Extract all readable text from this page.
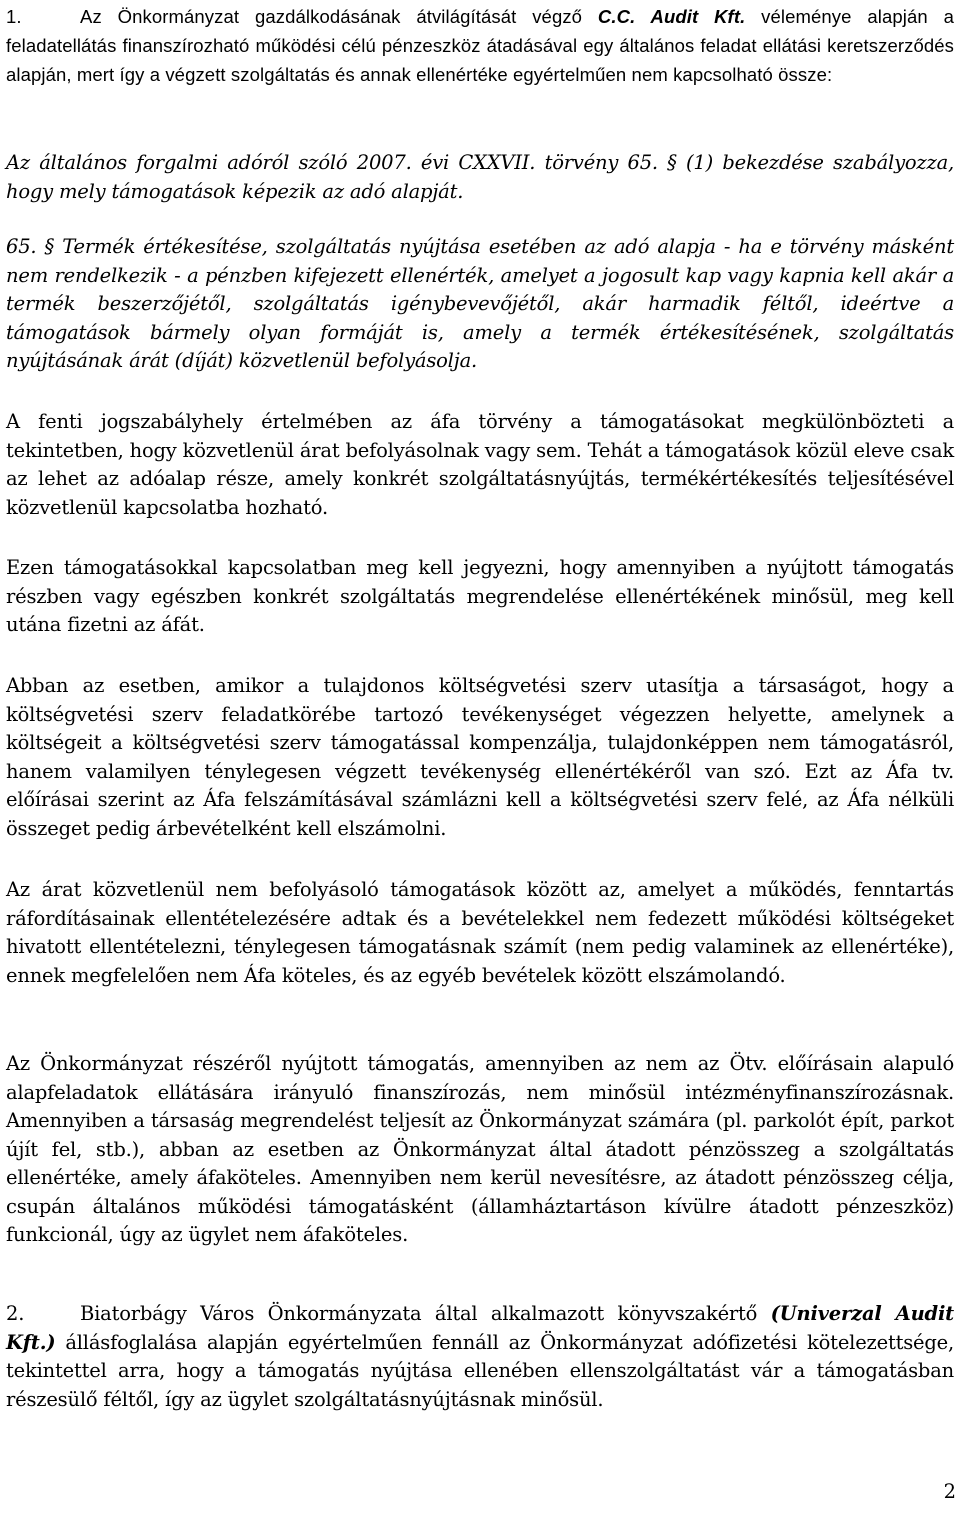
1.	Az Önkormányzat gazdálkodásának átvilágítását végző C.C. Audit Kft. véleménye alapján a feladatellátás finanszírozható működési célú pénzeszköz átadásával egy általános feladat ellátási keretszerződés alapján, mert így a végzett szolgáltatás és annak ellenértéke egyértelműen nem kapcsolható össze:

Az általános forgalmi adóról szóló 2007. évi CXXVII. törvény 65. § (1) bekezdése szabályozza, hogy mely támogatások képezik az adó alapját.

65. § Termék értékesítése, szolgáltatás nyújtása esetében az adó alapja - ha e törvény másként nem rendelkezik - a pénzben kifejezett ellenérték, amelyet a jogosult kap vagy kapnia kell akár a termék beszerzőjétől, szolgáltatás igénybevevőjétől, akár harmadik féltől, ideértve a támogatások bármely olyan formáját is, amely a termék értékesítésének, szolgáltatás nyújtásának árát (díját) közvetlenül befolyásolja.

A fenti jogszabályhely értelmében az áfa törvény a támogatásokat megkülönbözteti a tekintetben, hogy közvetlenül árat befolyásolnak vagy sem. Tehát a támogatások közül eleve csak az lehet az adóalap része, amely konkrét szolgáltatásnyújtás, termékértékesítés teljesítésével közvetlenül kapcsolatba hozható.

Ezen támogatásokkal kapcsolatban meg kell jegyezni, hogy amennyiben a nyújtott támogatás részben vagy egészben konkrét szolgáltatás megrendelése ellenértékének minősül, meg kell utána fizetni az áfát.

Abban az esetben, amikor a tulajdonos költségvetési szerv utasítja a társaságot, hogy a költségvetési szerv feladatkörébe tartozó tevékenységet végezzen helyette, amelynek a költségeit a költségvetési szerv támogatással kompenzálja, tulajdonképpen nem támogatásról, hanem valamilyen ténylegesen végzett tevékenység ellenértékéről van szó. Ezt az Áfa tv. előírásai szerint az Áfa felszámításával számlázni kell a költségvetési szerv felé, az Áfa nélküli összeget pedig árbevételként kell elszámolni.

Az árat közvetlenül nem befolyásoló támogatások között az, amelyet a működés, fenntartás ráfordításainak ellentételezésére adtak és a bevételekkel nem fedezett működési költségeket hivatott ellentételezni, ténylegesen támogatásnak számít (nem pedig valaminek az ellenértéke), ennek megfelelően nem Áfa köteles, és az egyéb bevételek között elszámolandó.

Az Önkormányzat részéről nyújtott támogatás, amennyiben az nem az Ötv. előírásain alapuló alapfeladatok ellátására irányuló finanszírozás, nem minősül intézményfinanszírozásnak. Amennyiben a társaság megrendelést teljesít az Önkormányzat számára (pl. parkolót épít, parkot újít fel, stb.), abban az esetben az Önkormányzat által átadott pénzösszeg a szolgáltatás ellenértéke, amely áfaköteles. Amennyiben nem kerül nevesítésre, az átadott pénzösszeg célja, csupán általános működési támogatásként (államháztartáson kívülre átadott pénzeszköz) funkcionál, úgy az ügylet nem áfaköteles.

2.	Biatorbágy Város Önkormányzata által alkalmazott könyvszakértő (Univerzal Audit Kft.) állásfoglalása alapján egyértelműen fennáll az Önkormányzat adófizetési kötelezettsége, tekintettel arra, hogy a támogatás nyújtása ellenében ellenszolgáltatást vár a támogatásban részesülő féltől, így az ügylet szolgáltatásnyújtásnak minősül.

2
